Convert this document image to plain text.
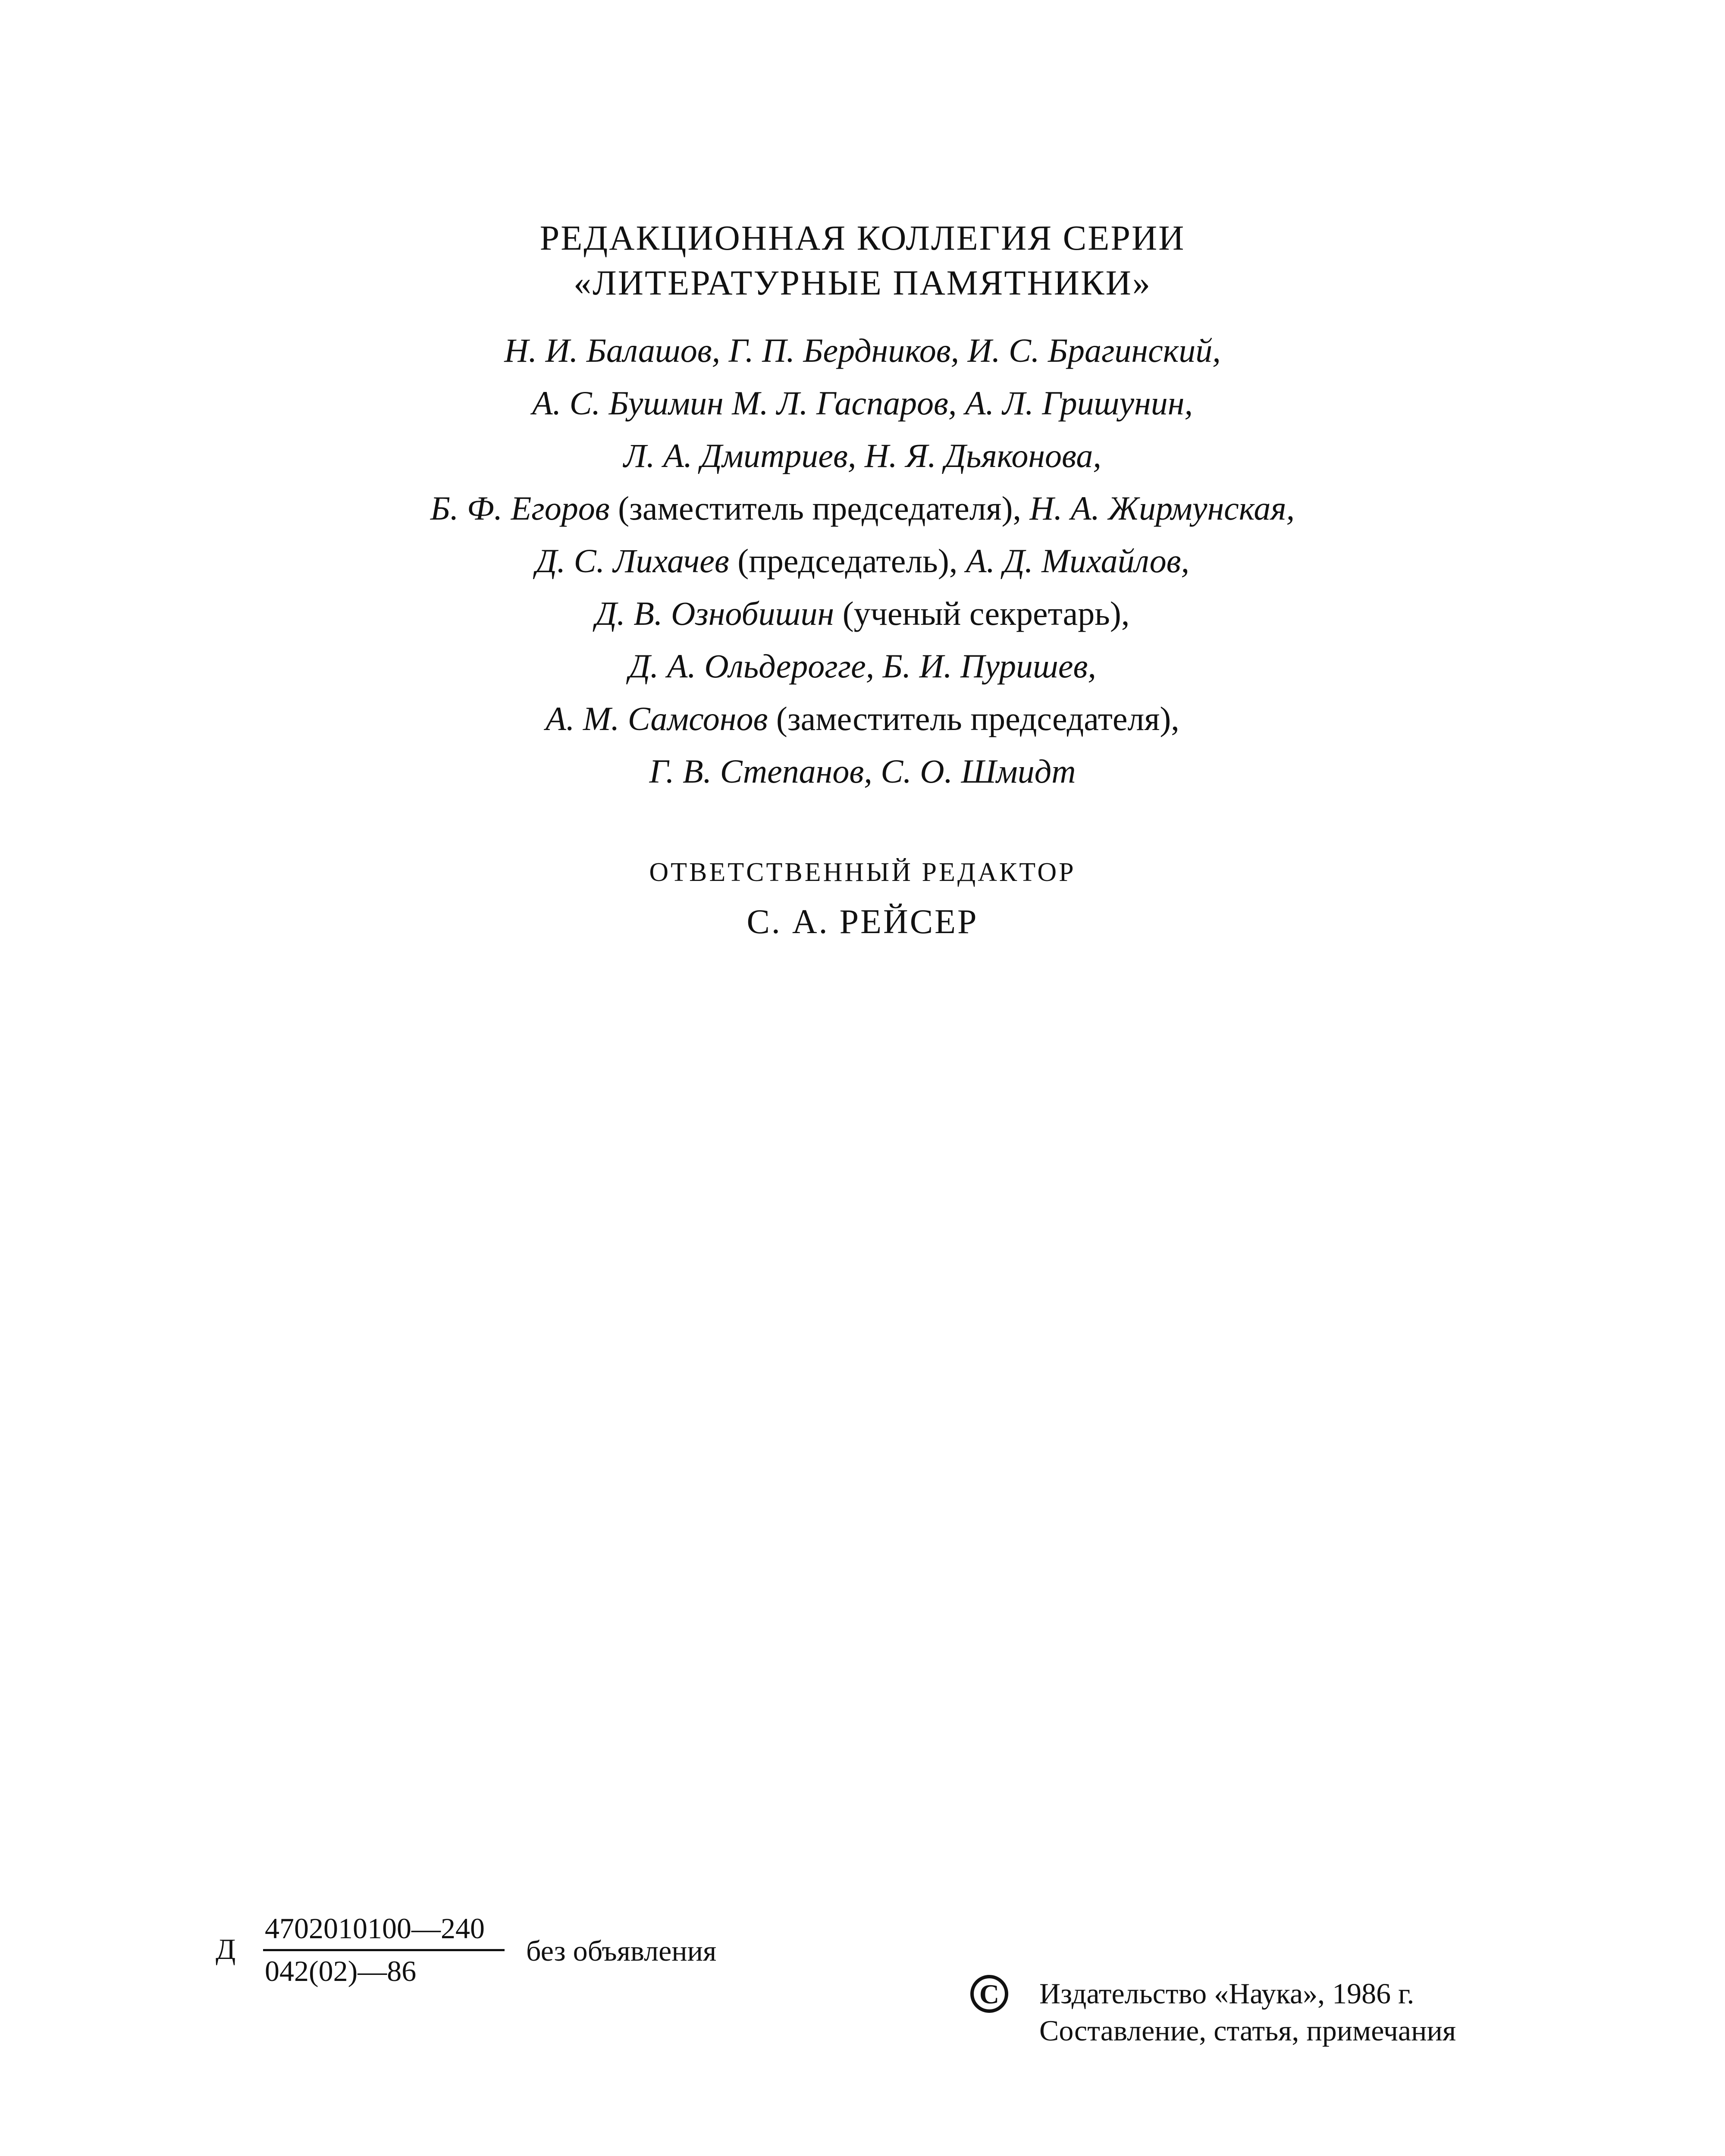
РЕДАКЦИОННАЯ КОЛЛЕГИЯ СЕРИИ
«ЛИТЕРАТУРНЫЕ ПАМЯТНИКИ»
Н. И. Балашов, Г. П. Бердников, И. С. Брагинский,
А. С. Бушмин М. Л. Гаспаров, А. Л. Гришунин,
Л. А. Дмитриев, Н. Я. Дьяконова,
Б. Ф. Егоров (заместитель председателя), Н. А. Жирмунская,
Д. С. Лихачев (председатель), А. Д. Михайлов,
Д. В. Ознобишин (ученый секретарь),
Д. А. Ольдерогге, Б. И. Пуришев,
А. М. Самсонов (заместитель председателя),
Г. В. Степанов, С. О. Шмидт
ОТВЕТСТВЕННЫЙ РЕДАКТОР
С. А. РЕЙСЕР
Д
4702010100—240
042(02)—86
без объявления
C	Издательство «Наука», 1986 г.
Составление, статья, примечания
